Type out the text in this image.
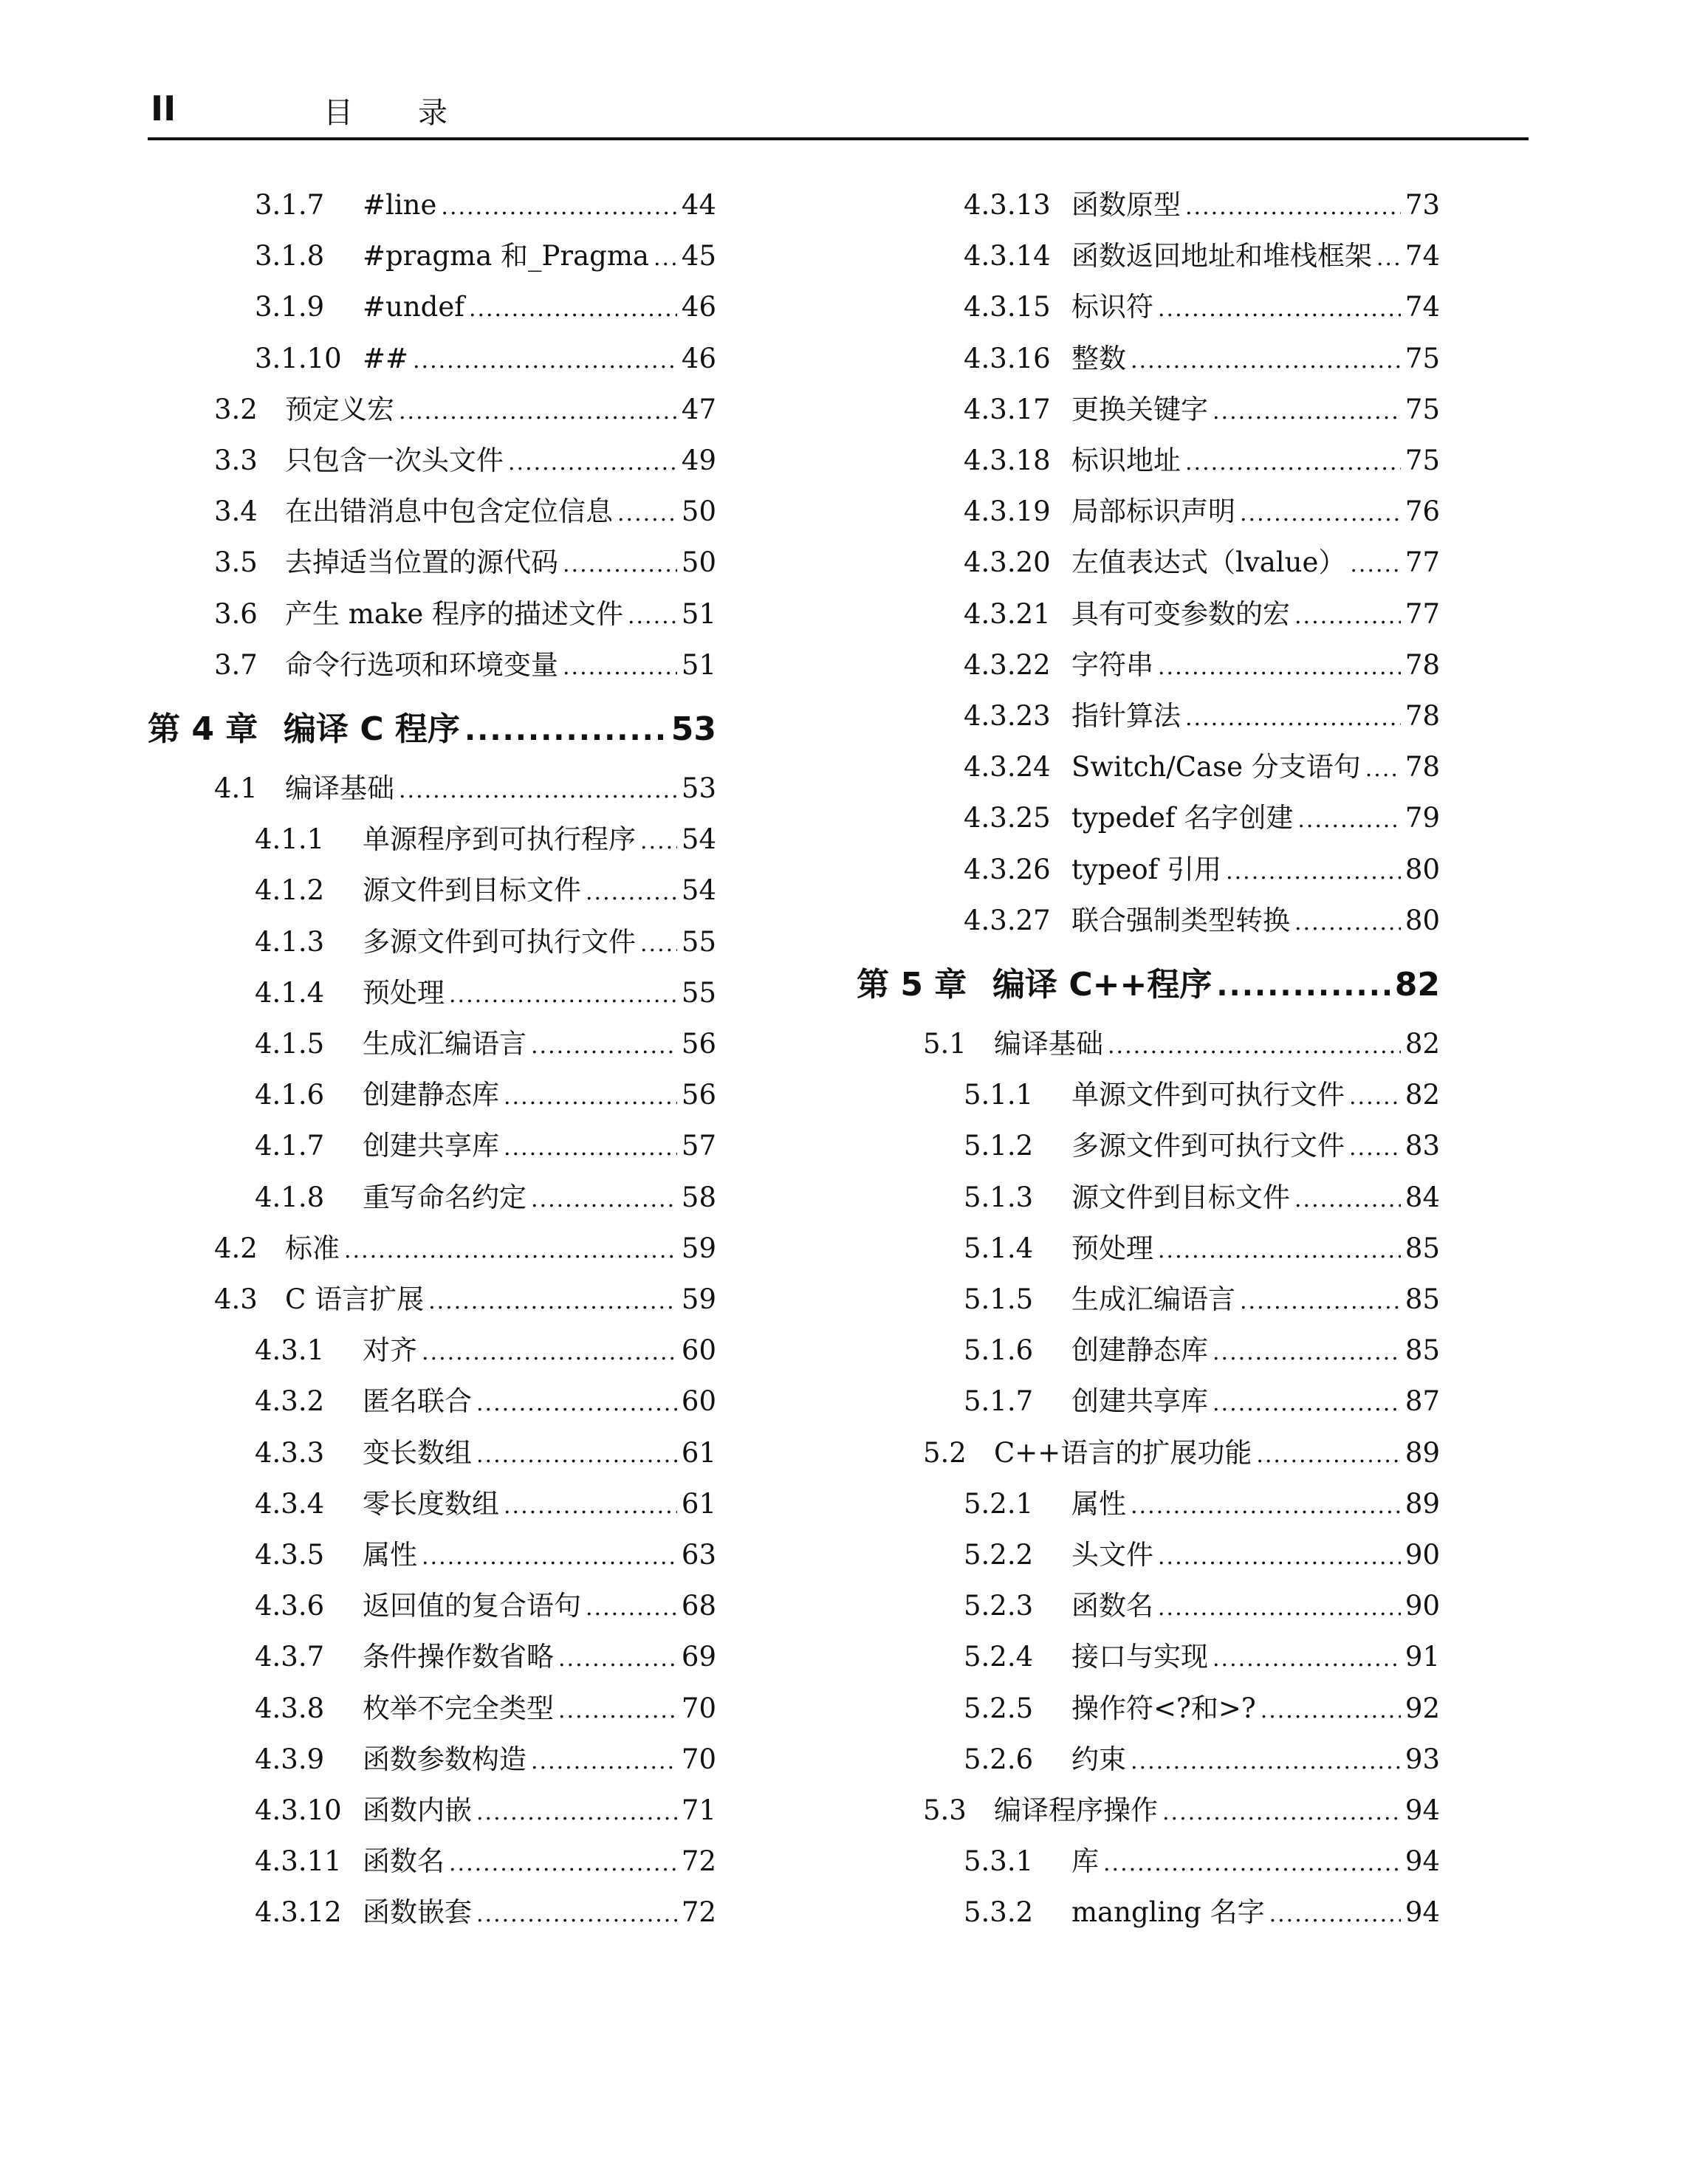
II	目录
3.1.7	#line .....	44
3.1.8	#pragma 和_Pragma ..... 45
3.1.9	#undef .....	46
3.1.10 ## .....	46
3.2	预定义宏 .....	47
3.3	只包含一次头文件 .....	49
3.4	在出错消息中包含定位信息 .....	50
3.5	去掉适当位置的源代码 .....	50
3.6	产生 make 程序的描述文件 ..... 51
3.7	命令行选项和环境变量 .....	51
第 4 章 编译 C 程序 .....	53
4.1	编译基础 .....	53
4.1.1	单源程序到可执行程序 ..... 54
4.1.2	源文件到目标文件 .....	54
4.1.3	多源文件到可执行文件 ..... 55
4.1.4	预处理 .....	55
4.1.5	生成汇编语言 .....	56
4.1.6	创建静态库 .....	56
4.1.7	创建共享库 .....	57
4.1.8	重写命名约定 .....	58
4.2	标准 .....	59
4.3	C 语言扩展 .....	59
4.3.1	对齐 .....	60
4.3.2	匿名联合 .....	60
4.3.3	变长数组 .....	61
4.3.4	零长度数组 .....	61
4.3.5	属性 .....	63
4.3.6	返回值的复合语句 .....	68
4.3.7	条件操作数省略 .....	69
4.3.8	枚举不完全类型 .....	70
4.3.9	函数参数构造 .....	70
4.3.10 函数内嵌 .....	71
4.3.11 函数名 .....	72
4.3.12 函数嵌套 .....	72
4.3.13 函数原型 .....	73
4.3.14 函数返回地址和堆栈框架 ..... 74
4.3.15 标识符 .....	74
4.3.16 整数 .....	75
4.3.17 更换关键字 .....	75
4.3.18 标识地址 .....	75
4.3.19 局部标识声明 .....	76
4.3.20 左值表达式（lvalue） ..... 77
4.3.21 具有可变参数的宏 .....	77
4.3.22 字符串 .....	78
4.3.23 指针算法 .....	78
4.3.24 Switch/Case 分支语句 ..... 78
4.3.25 typedef 名字创建 .....	79
4.3.26 typeof 引用 .....	80
4.3.27 联合强制类型转换 .....	80
第 5 章 编译 C++程序 .....	82
5.1	编译基础 .....	82
5.1.1	单源文件到可执行文件 ..... 82
5.1.2	多源文件到可执行文件 ..... 83
5.1.3	源文件到目标文件 .....	84
5.1.4	预处理 .....	85
5.1.5	生成汇编语言 .....	85
5.1.6	创建静态库 .....	85
5.1.7	创建共享库 .....	87
5.2	C++语言的扩展功能 .....	89
5.2.1	属性 .....	89
5.2.2	头文件 .....	90
5.2.3	函数名 .....	90
5.2.4	接口与实现 .....	91
5.2.5	操作符<?和>? .....	92
5.2.6	约束 .....	93
5.3	编译程序操作 .....	94
5.3.1	库 .....	94
5.3.2	mangling 名字 .....	94
